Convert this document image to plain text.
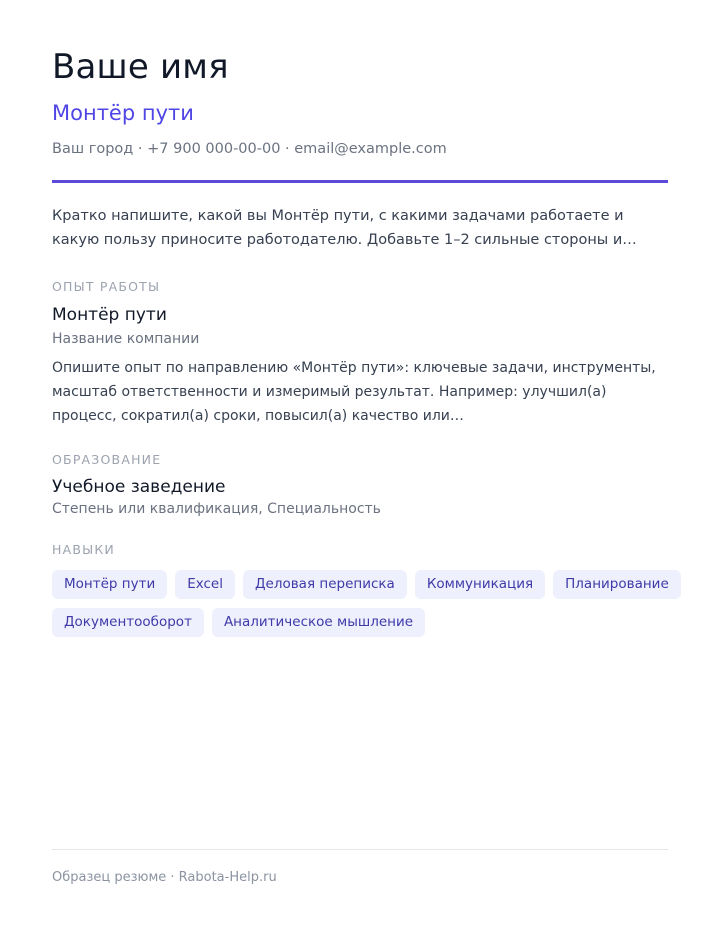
Ваше имя
Монтёр пути
Ваш город · +7 900 000-00-00 · email@example.com
Кратко напишите, какой вы Монтёр пути, с какими задачами работаете и какую пользу приносите работодателю. Добавьте 1–2 сильные стороны и…
ОПЫТ РАБОТЫ
Монтёр пути
Название компании
Опишите опыт по направлению «Монтёр пути»: ключевые задачи, инструменты, масштаб ответственности и измеримый результат. Например: улучшил(а) процесс, сократил(а) сроки, повысил(а) качество или…
ОБРАЗОВАНИЕ
Учебное заведение
Степень или квалификация, Специальность
НАВЫКИ
Монтёр пути	Excel	Деловая переписка	Коммуникация	Планирование
Документооборот	Аналитическое мышление
Образец резюме · Rabota-Help.ru
